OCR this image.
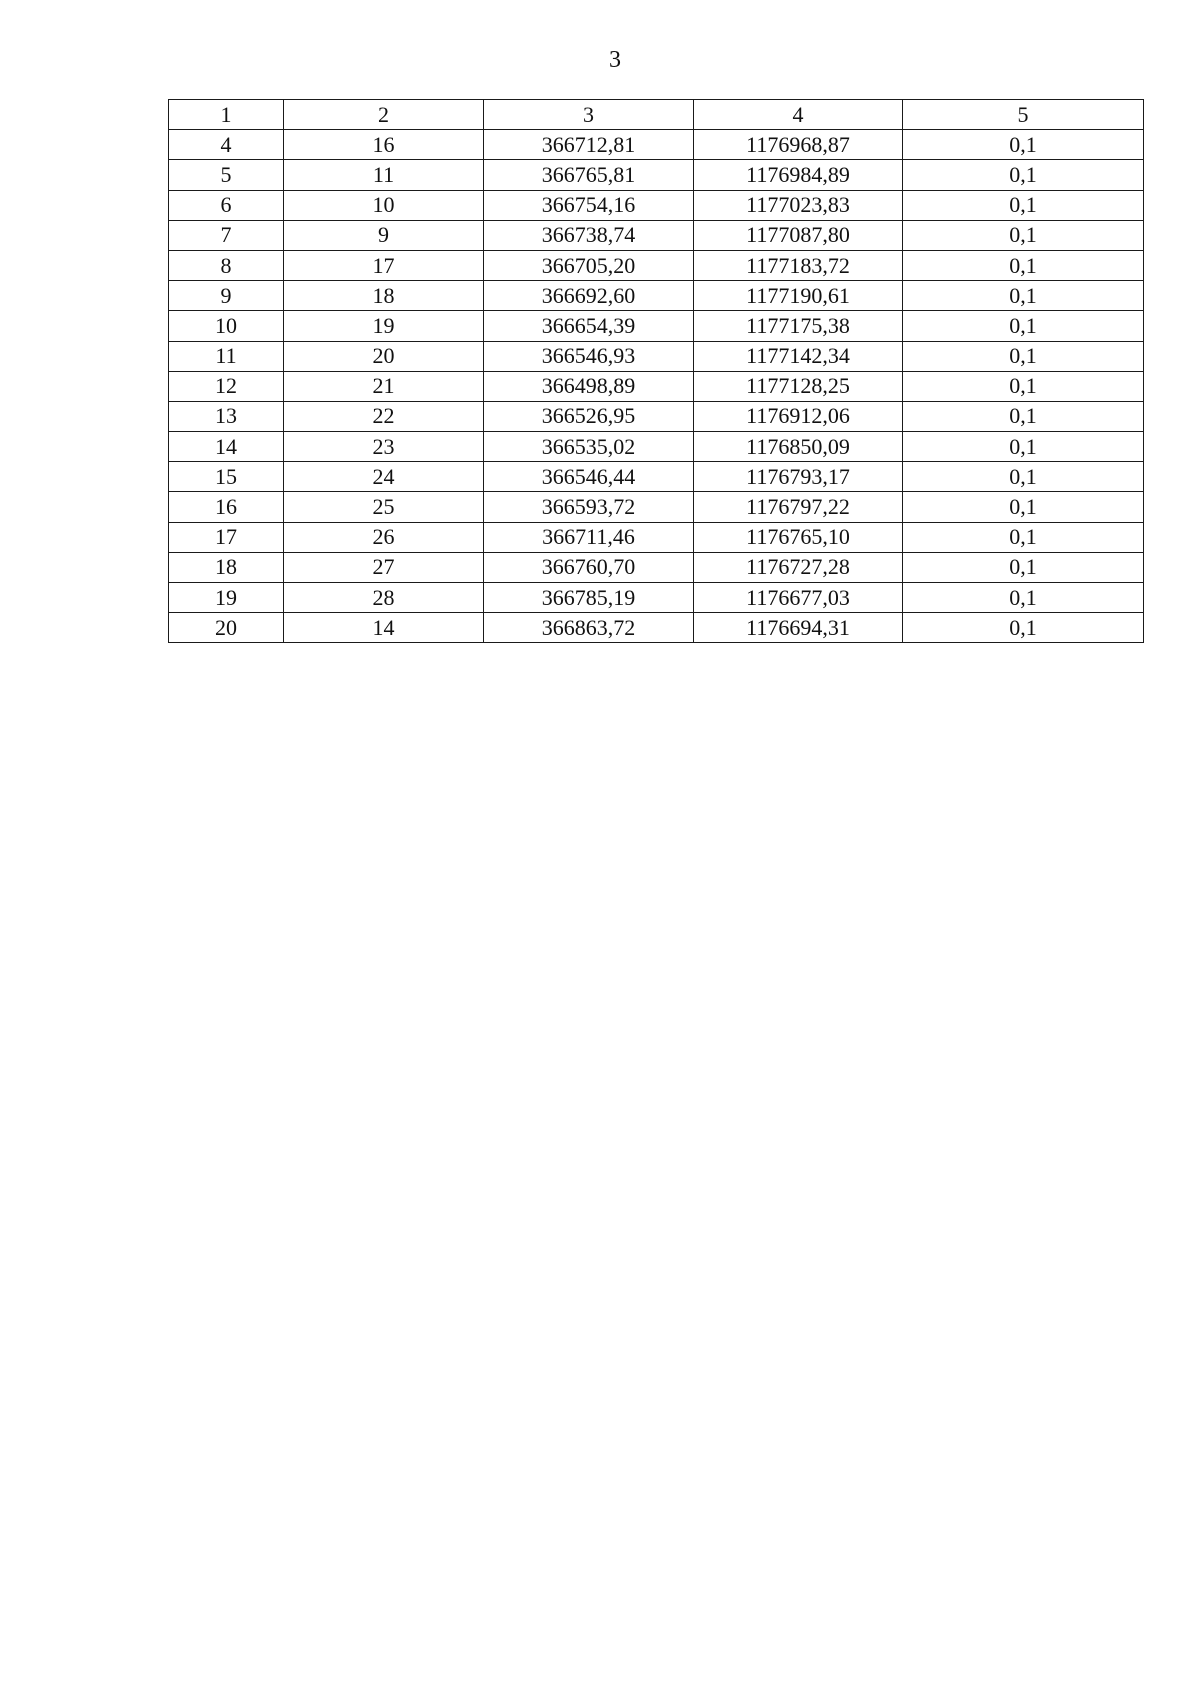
3
1	2	3	4	5
4	16	366712,81	1176968,87	0,1
5	11	366765,81	1176984,89	0,1
6	10	366754,16	1177023,83	0,1
7	9	366738,74	1177087,80	0,1
8	17	366705,20	1177183,72	0,1
9	18	366692,60	1177190,61	0,1
10	19	366654,39	1177175,38	0,1
11	20	366546,93	1177142,34	0,1
12	21	366498,89	1177128,25	0,1
13	22	366526,95	1176912,06	0,1
14	23	366535,02	1176850,09	0,1
15	24	366546,44	1176793,17	0,1
16	25	366593,72	1176797,22	0,1
17	26	366711,46	1176765,10	0,1
18	27	366760,70	1176727,28	0,1
19	28	366785,19	1176677,03	0,1
20	14	366863,72	1176694,31	0,1
